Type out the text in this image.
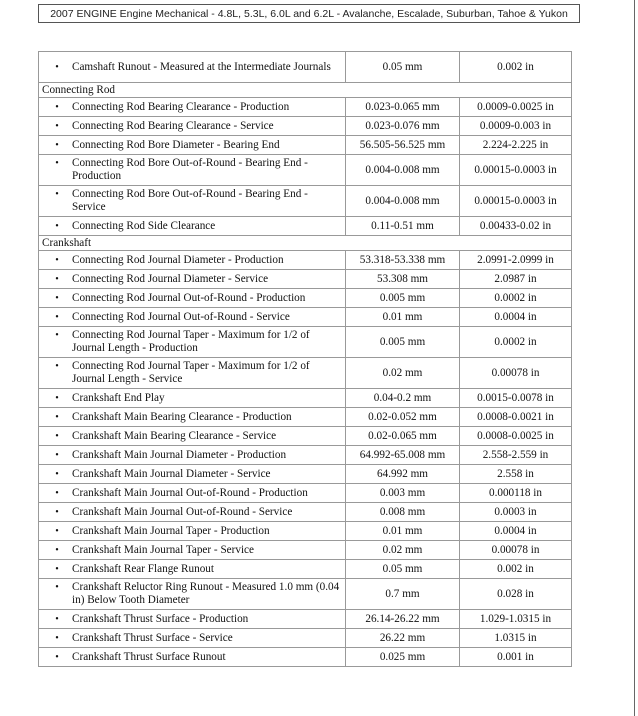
2007 ENGINE Engine Mechanical - 4.8L, 5.3L, 6.0L and 6.2L - Avalanche, Escalade, Suburban, Tahoe & Yukon
• Camshaft Runout - Measured at the Intermediate Journals	0.05 mm	0.002 in
Connecting Rod		

• Connecting Rod Bearing Clearance - Production	0.023-0.065 mm	0.0009-0.0025 in

• Connecting Rod Bearing Clearance - Service	0.023-0.076 mm	0.0009-0.003 in

• Connecting Rod Bore Diameter - Bearing End	56.505-56.525 mm	2.224-2.225 in

• Connecting Rod Bore Out-of-Round - Bearing End - Production	0.004-0.008 mm	0.00015-0.0003 in

• Connecting Rod Bore Out-of-Round - Bearing End - Service	0.004-0.008 mm	0.00015-0.0003 in

• Connecting Rod Side Clearance	0.11-0.51 mm	0.00433-0.02 in
Crankshaft		

• Connecting Rod Journal Diameter - Production	53.318-53.338 mm	2.0991-2.0999 in

• Connecting Rod Journal Diameter - Service	53.308 mm	2.0987 in

• Connecting Rod Journal Out-of-Round - Production	0.005 mm	0.0002 in

• Connecting Rod Journal Out-of-Round - Service	0.01 mm	0.0004 in

• Connecting Rod Journal Taper - Maximum for 1/2 of Journal Length - Production	0.005 mm	0.0002 in

• Connecting Rod Journal Taper - Maximum for 1/2 of Journal Length - Service	0.02 mm	0.00078 in

• Crankshaft End Play	0.04-0.2 mm	0.0015-0.0078 in

• Crankshaft Main Bearing Clearance - Production	0.02-0.052 mm	0.0008-0.0021 in

• Crankshaft Main Bearing Clearance - Service	0.02-0.065 mm	0.0008-0.0025 in

• Crankshaft Main Journal Diameter - Production	64.992-65.008 mm	2.558-2.559 in

• Crankshaft Main Journal Diameter - Service	64.992 mm	2.558 in

• Crankshaft Main Journal Out-of-Round - Production	0.003 mm	0.000118 in

• Crankshaft Main Journal Out-of-Round - Service	0.008 mm	0.0003 in

• Crankshaft Main Journal Taper - Production	0.01 mm	0.0004 in

• Crankshaft Main Journal Taper - Service	0.02 mm	0.00078 in

• Crankshaft Rear Flange Runout	0.05 mm	0.002 in

• Crankshaft Reluctor Ring Runout - Measured 1.0 mm (0.04 in) Below Tooth Diameter	0.7 mm	0.028 in

• Crankshaft Thrust Surface - Production	26.14-26.22 mm	1.029-1.0315 in

• Crankshaft Thrust Surface - Service	26.22 mm	1.0315 in

• Crankshaft Thrust Surface Runout	0.025 mm	0.001 in
